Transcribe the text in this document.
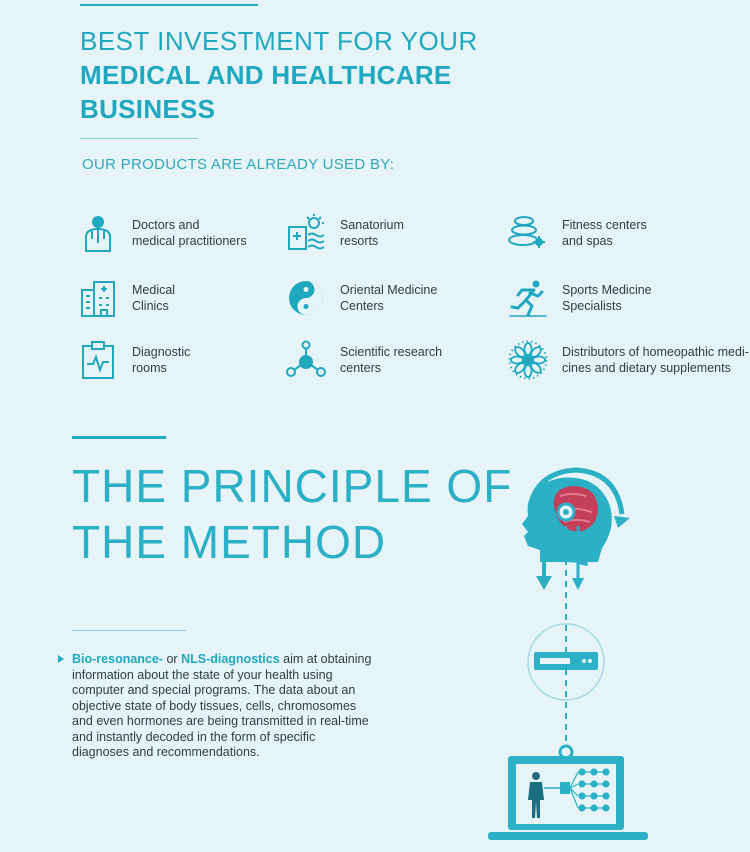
BEST INVESTMENT FOR YOUR
MEDICAL AND HEALTHCARE
BUSINESS
OUR PRODUCTS ARE ALREADY USED BY:
Doctors and
medical practitioners
Sanatorium
resorts
Fitness centers
and spas
Medical
Clinics
Oriental Medicine
Centers
Sports Medicine
Specialists
Diagnostic
rooms
Scientific research
centers
Distributors of homeopathic medi-
cines and dietary supplements
THE PRINCIPLE OF
THE METHOD
Bio-resonance- or NLS-diagnostics aim at obtaining information about the state of your health using computer and special programs. The data about an objective state of body tissues, cells, chromosomes and even hormones are being transmitted in real-time and instantly decoded in the form of specific diagnoses and recommendations.
